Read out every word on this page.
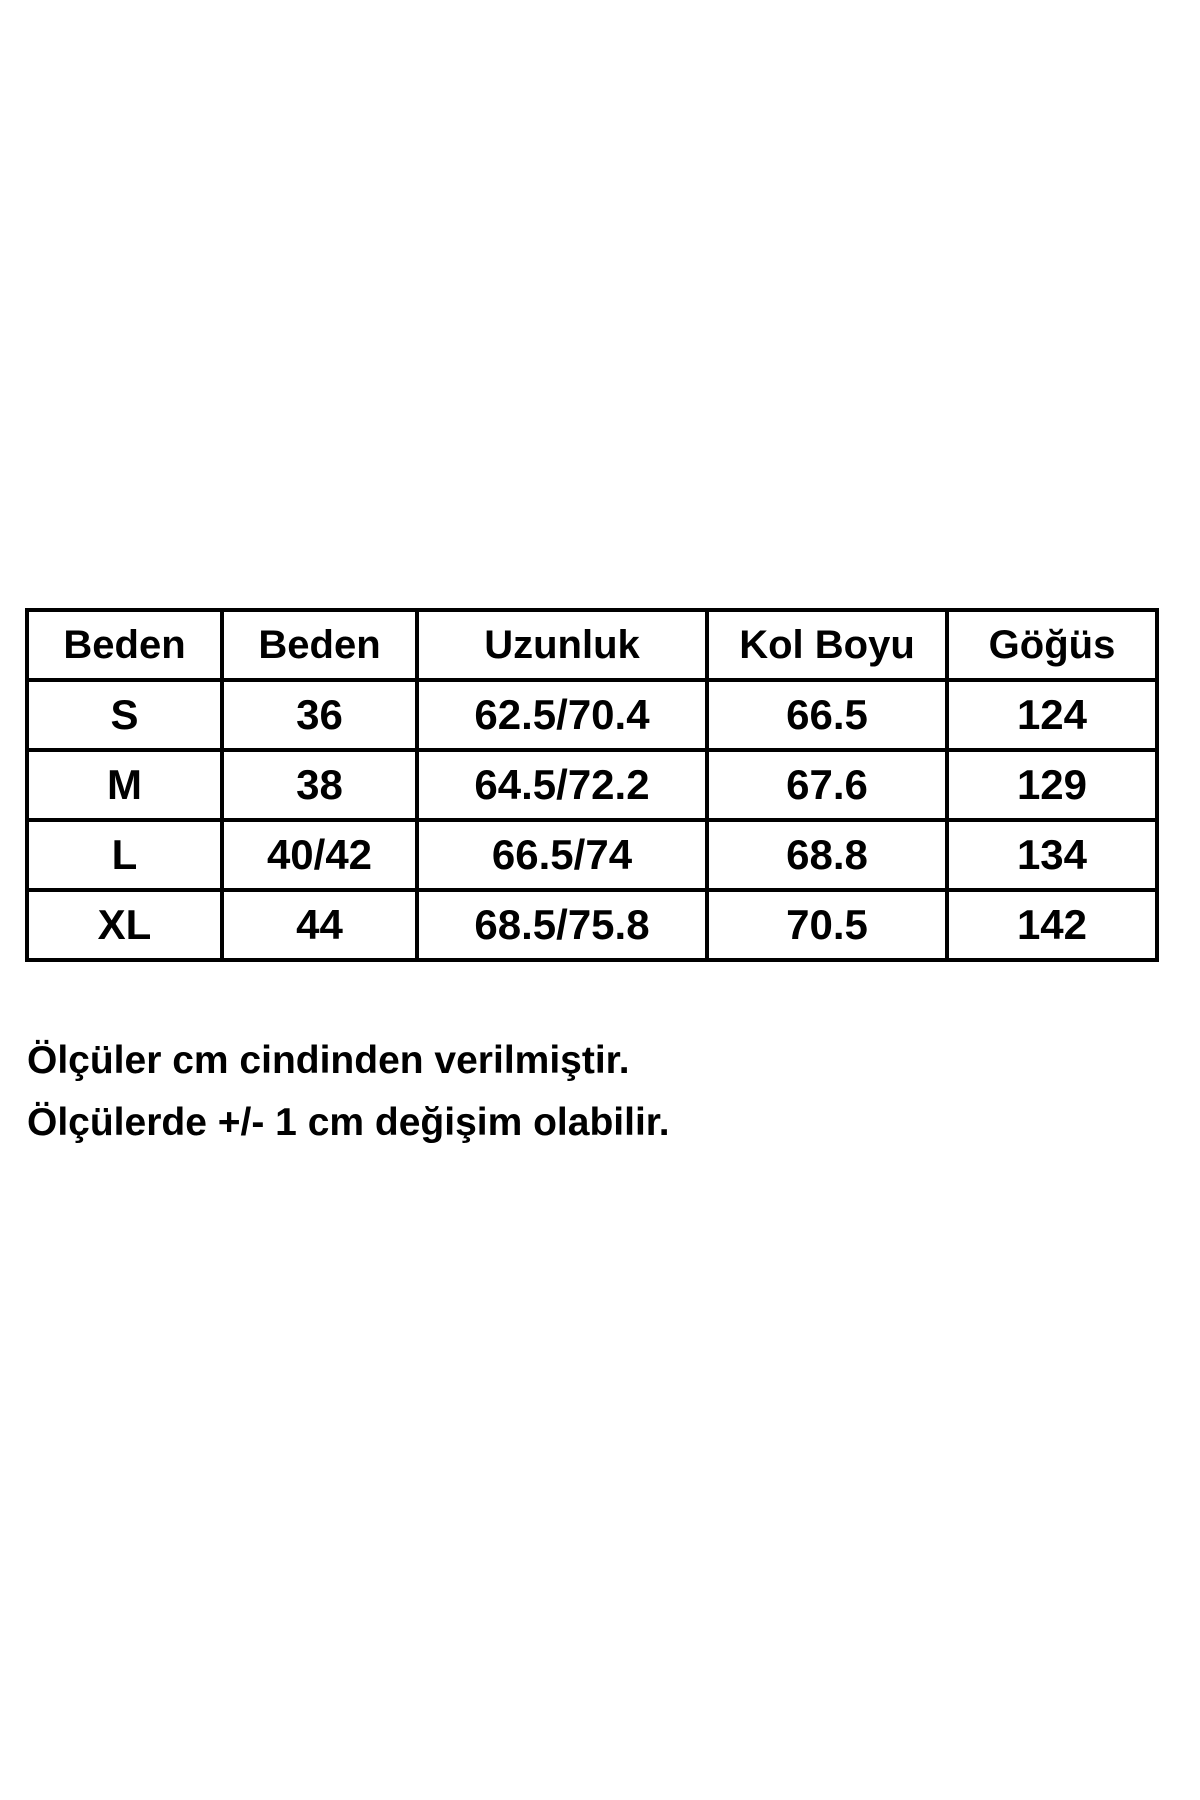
Beden	Beden	Uzunluk	Kol Boyu	Göğüs
S	36	62.5/70.4	66.5	124
M	38	64.5/72.2	67.6	129
L	40/42	66.5/74	68.8	134
XL	44	68.5/75.8	70.5	142
Ölçüler cm cindinden verilmiştir.
Ölçülerde +/- 1 cm değişim olabilir.
